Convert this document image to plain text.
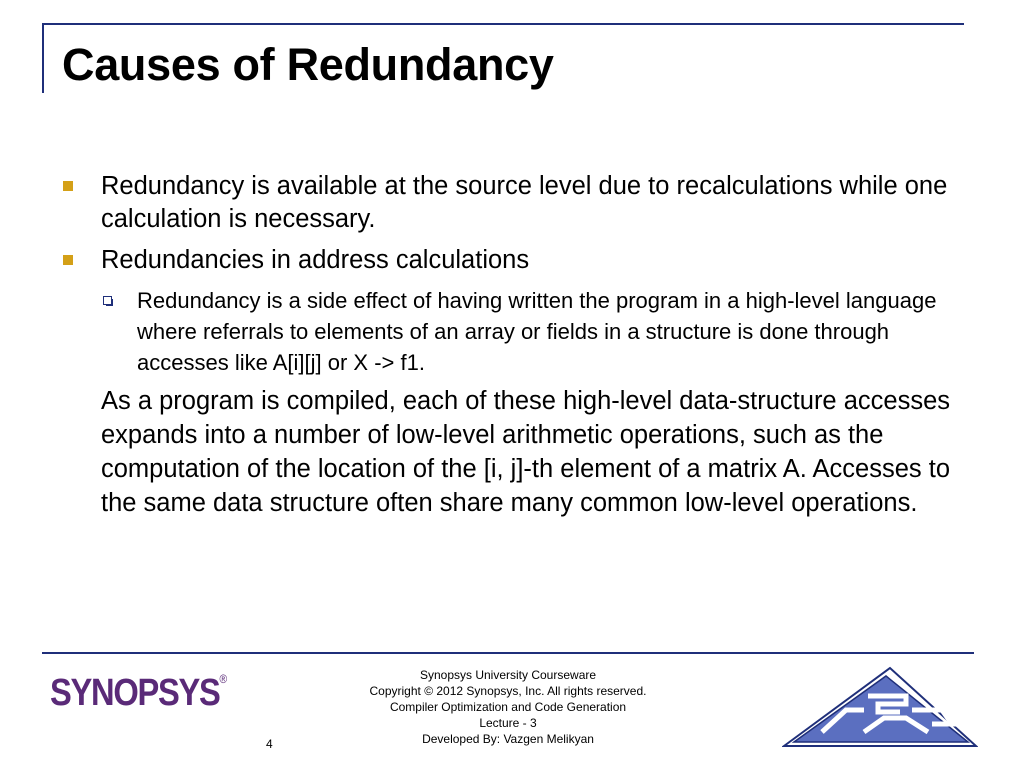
Causes of Redundancy
Redundancy is available at the source level due to recalculations while one calculation is necessary.
Redundancies in address calculations
Redundancy is a side effect of having written the program in a high-level language where referrals to elements of an array or fields in a structure is done through accesses like A[i][j] or X -> f1.
As a program is compiled, each of these high-level data-structure accesses expands into a number of low-level arithmetic operations, such as the computation of the location of the [i, j]-th element of a matrix A. Accesses to the same data structure often share many common low-level operations.
SYNOPSYS®	Synopsys University Courseware
Copyright © 2012 Synopsys, Inc. All rights reserved.
Compiler Optimization and Code Generation
Lecture - 3
Developed By: Vazgen Melikyan
4
